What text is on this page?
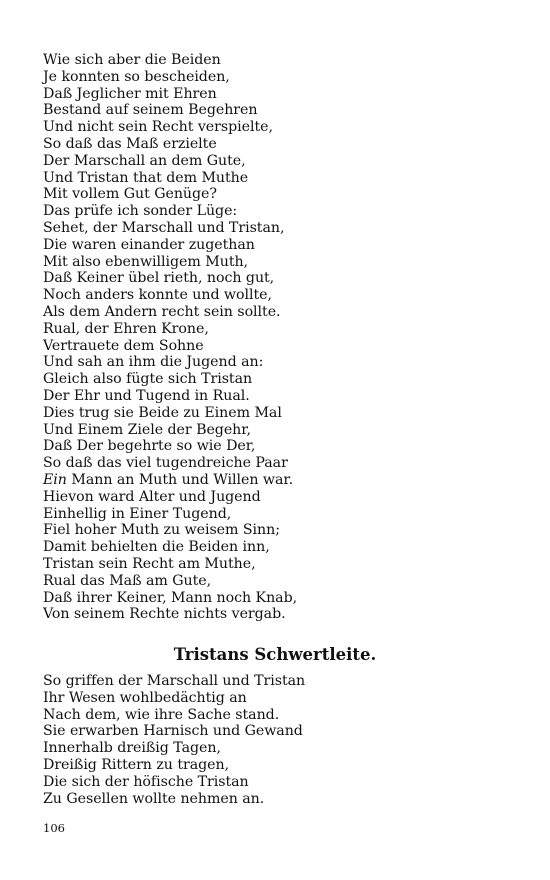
Wie sich aber die Beiden
Je konnten so bescheiden,
Daß Jeglicher mit Ehren
Bestand auf seinem Begehren
Und nicht sein Recht verspielte,
So daß das Maß erzielte
Der Marschall an dem Gute,
Und Tristan that dem Muthe
Mit vollem Gut Genüge?
Das prüfe ich sonder Lüge:
Sehet, der Marschall und Tristan,
Die waren einander zugethan
Mit also ebenwilligem Muth,
Daß Keiner übel rieth, noch gut,
Noch anders konnte und wollte,
Als dem Andern recht sein sollte.
Rual, der Ehren Krone,
Vertrauete dem Sohne
Und sah an ihm die Jugend an:
Gleich also fügte sich Tristan
Der Ehr und Tugend in Rual.
Dies trug sie Beide zu Einem Mal
Und Einem Ziele der Begehr,
Daß Der begehrte so wie Der,
So daß das viel tugendreiche Paar
Ein Mann an Muth und Willen war.
Hievon ward Alter und Jugend
Einhellig in Einer Tugend,
Fiel hoher Muth zu weisem Sinn;
Damit behielten die Beiden inn,
Tristan sein Recht am Muthe,
Rual das Maß am Gute,
Daß ihrer Keiner, Mann noch Knab,
Von seinem Rechte nichts vergab.
Tristans Schwertleite.
So griffen der Marschall und Tristan
Ihr Wesen wohlbedächtig an
Nach dem, wie ihre Sache stand.
Sie erwarben Harnisch und Gewand
Innerhalb dreißig Tagen,
Dreißig Rittern zu tragen,
Die sich der höfische Tristan
Zu Gesellen wollte nehmen an.
106
